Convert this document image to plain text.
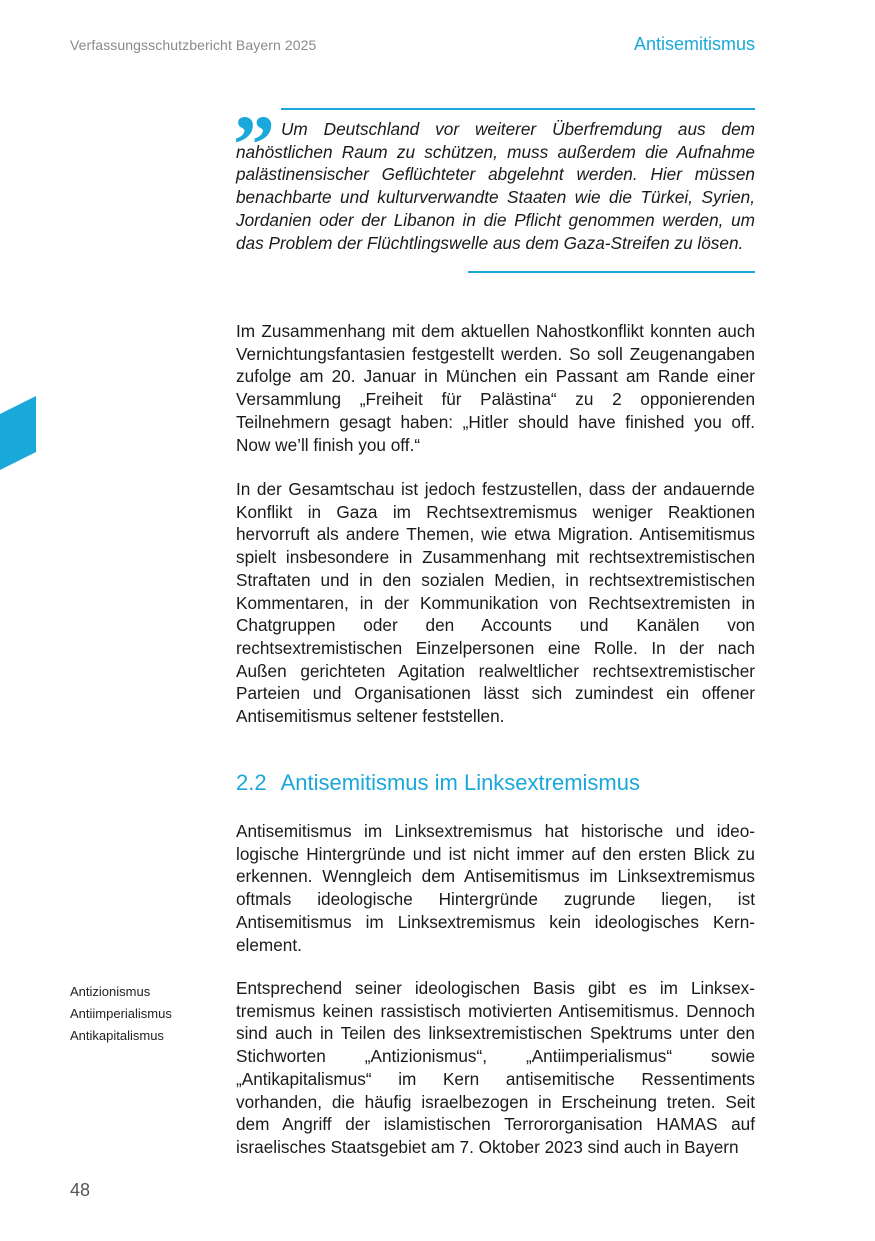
Verfassungsschutzbericht Bayern 2025	Antisemitismus
” Um Deutschland vor weiterer Überfremdung aus dem nahöstlichen Raum zu schützen, muss außerdem die Aufnahme palästinensischer Geflüchteter abgelehnt werden. Hier müssen benachbarte und kulturverwandte Staaten wie die Türkei, Syrien, Jordanien oder der Libanon in die Pflicht genommen werden, um das Problem der Flüchtlingswelle aus dem Gaza-Streifen zu lösen.

Im Zusammenhang mit dem aktuellen Nahostkonflikt konnten auch Vernichtungsfantasien festgestellt werden. So soll Zeugenangaben zufolge am 20. Januar in München ein Passant am Rande einer Versammlung „Freiheit für Palästina“ zu 2 opponierenden Teilnehmern gesagt haben: „Hitler should have finished you off. Now we’ll finish you off.“

In der Gesamtschau ist jedoch festzustellen, dass der andauernde Konflikt in Gaza im Rechtsextremismus weniger Reaktionen hervorruft als andere Themen, wie etwa Migration. Antisemitismus spielt insbesondere in Zusammenhang mit rechtsextremistischen Straftaten und in den sozialen Medien, in rechtsextremistischen Kommentaren, in der Kommunikation von Rechtsextremisten in Chatgruppen oder den Accounts und Kanälen von rechtsextremistischen Einzelpersonen eine Rolle. In der nach Außen gerichteten Agitation realweltlicher rechtsextremistischer Parteien und Organisationen lässt sich zumindest ein offener Antisemitismus seltener feststellen.

2.2 Antisemitismus im Linksextremismus

Antisemitismus im Linksextremismus hat historische und ideologische Hintergründe und ist nicht immer auf den ersten Blick zu erkennen. Wenngleich dem Antisemitismus im Linksextremismus oftmals ideologische Hintergründe zugrunde liegen, ist Antisemitismus im Linksextremismus kein ideologisches Kernelement.

Entsprechend seiner ideologischen Basis gibt es im Linksextremismus keinen rassistisch motivierten Antisemitismus. Dennoch sind auch in Teilen des linksextremistischen Spektrums unter den Stichworten „Antizionismus“, „Antiimperialismus“ sowie „Antikapitalismus“ im Kern antisemitische Ressentiments vorhanden, die häufig israelbezogen in Erscheinung treten. Seit dem Angriff der islamistischen Terrororganisation HAMAS auf israelisches Staatsgebiet am 7. Oktober 2023 sind auch in Bayern

Antizionismus
Antiimperialismus
Antikapitalismus
48
